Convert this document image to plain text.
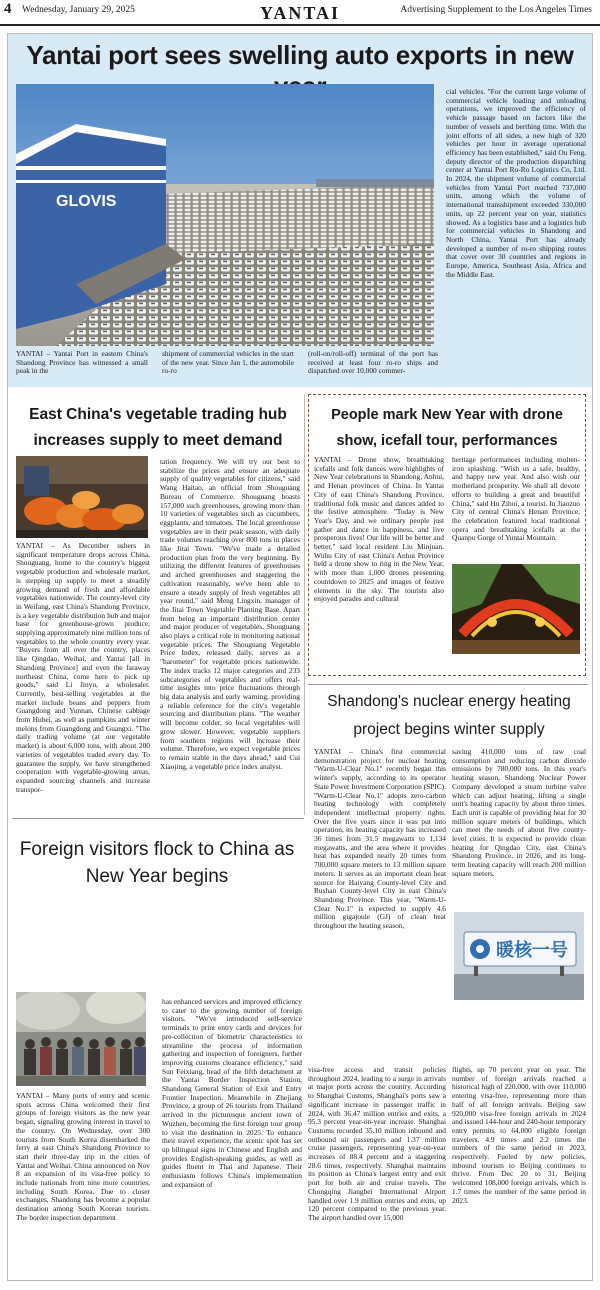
4 Wednesday, January 29, 2025	YANTAI	Advertising Supplement to the Los Angeles Times
Yantai port sees swelling auto exports in new
GLOVIS
YANTAI – Yantai Port in eastern China's Shandong Province has witnessed a small peak in the
shipment of commercial vehicles in the start of the new year. Since Jan 1, the automobile ro-ro
(roll-on/roll-off) terminal of the port has received at least four ro-ro ships and dispatched over 10,000 commer-
cial vehicles. "For the current large volume of commercial vehicle loading and unloading operations, we improved the efficiency of vehicle passage based on factors like the number of vessels and berthing time. With the joint efforts of all sides, a new high of 320 vehicles per hour in average operational efficiency has been established," said Ou Feng, deputy director of the production dispatching center at Yantai Port Ro-Ro Logistics Co, Ltd. In 2024, the shipment volume of commercial vehicles from Yantai Port reached 737,000 units, among which the volume of international transshipment exceeded 330,000 units, up 22 percent year on year, statistics showed. As a logistics base and a logistics hub for commercial vehicles in Shandong and North China, Yantai Port has already developed a number of ro-ro shipping routes that cover over 30 countries and regions in Europe, America, Southeast Asia, Africa and the Middle East.
East China's vegetable trading hub increases supply to meet demand
YANTAI – As December ushers in significant temperature drops across China, Shouguang, home to the country's biggest vegetable production and wholesale market, is stepping up supply to meet a steadily growing demand of fresh and affordable vegetables nationwide. The county-level city in Weifang, east China's Shandong Province, is a key vegetable distribution hub and major base for greenhouse-grown produce, supplying approximately nine million tons of vegetables to the whole country every year. "Buyers from all over the country, places like Qingdao, Weihai, and Yantai [all in Shandong Province] and even the faraway northeast China, come here to pick up goods," said Li Jinyu, a wholesaler. Currently, best-selling vegetables at the market include beans and peppers from Guangdong and Yunnan, Chinese cabbage from Hubei, as well as pumpkins and winter melons from Guangdong and Guangxi. "The daily trading volume (at our vegetable market) is about 6,000 tons, with about 200 varieties of vegetables traded every day. To guarantee the supply, we have strengthened cooperation with vegetable-growing areas, expanded sourcing channels and increase transpor-
tation frequency. We will try our best to stabilize the prices and ensure an adequate supply of quality vegetables for citizens," said Wang Haitao, an official from Shouguang Bureau of Commerce. Shouguang boasts 157,000 such greenhouses, growing more than 10 varieties of vegetables such as cucumbers, eggplants, and tomatoes. The local greenhouse vegetables are in their peak season, with daily trade volumes reaching over 800 tons in places like Jitai Town. "We've made a detailed production plan from the very beginning. By utilizing the different features of greenhouses and arched greenhouses and staggering the cultivation reasonably, we've been able to ensure a steady supply of fresh vegetables all year round," said Meng Lingxin, manager of the Jitai Town Vegetable Planting Base. Apart from being an important distribution center and major producer of vegetables, Shouguang also plays a critical role in monitoring national vegetable prices. The Shouguang Vegetable Price Index, released daily, serves as a "barometer" for vegetable prices nationwide. The index tracks 12 major categories and 233 subcategories of vegetables and offers real-time insights into price fluctuations through big data analysis and early warning, providing a reliable reference for the city's vegetable sourcing and distribution plans. "The weather will become colder, so local vegetables will grow slower. However, vegetable suppliers from southern regions will increase their volume. Therefore, we expect vegetable prices to remain stable in the days ahead," said Cui Xiaojing, a vegetable price index analyst.
People mark New Year with drone show, icefall tour, performances
YANTAI – Drone show, breathtaking icefalls and folk dances were highlights of New Year celebrations in Shandong, Anhui, and Henan provinces of China. In Yantai City of east China's Shandong Province, traditional folk music and dances added to the festive atmosphere. "Today is New Year's Day, and we ordinary people just gather and dance in happiness, and live prosperous lives! Our life will be better and better," said local resident Liu Minjuan. Wuhu City of east China's Anhui Province held a drone show to ring in the New Year, with more than 1,000 drones presenting countdown to 2025 and images of festive elements in the sky. The tourists also enjoyed parades and cultural
heritage performances including molten-iron splashing. "Wish us a safe, healthy, and happy new year. And also wish our motherland prosperity. We shall all devote efforts to building a great and beautiful China," said Hu Zihui, a tourist. In Jiaozuo City of central China's Henan Province, the celebration featured local traditional opera and breathtaking icefalls at the Quanpu Gorge of Yuntai Mountain.
Shandong's nuclear energy heating project begins winter supply
YANTAI – China's first commercial demonstration project for nuclear heating "Warm-U-Clear No.1" recently began this winter's supply, according to its operator State Power Investment Corporation (SPIC). "Warm-U-Clear No.1" adopts zero-carbon heating technology with completely independent intellectual property rights. Over the five years since it was put into operation, its heating capacity has increased 36 times from 31.5 megawatts to 1,134 megawatts, and the area where it provides heat has expanded nearly 20 times from 700,000 square meters to 13 million square meters. It serves as an important clean heat source for Haiyang County-level City and Rushan County-level City in east China's Shandong Province. This year, "Warm-U-Clear No.1" is expected to supply 4.6 million gigajoule (GJ) of clean heat throughout the heating season,
saving 410,000 tons of raw coal consumption and reducing carbon dioxide emissions by 780,000 tons. In this year's heating season, Shandong Nuclear Power Company developed a steam turbine valve which can adjust heating, lifting a single unit's heating capacity by about three times. Each unit is capable of providing heat for 30 million square meters of buildings, which can meet the needs of about five county-level cities. It is expected to provide clean heating for Qingdao City, east China's Shandong Province, in 2026, and its long-term heating capacity will reach 200 million square meters.
暖核一号
Foreign visitors flock to China as New Year begins
YANTAI – Many ports of entry and scenic spots across China welcomed their first groups of foreign visitors as the new year began, signaling growing interest in travel to the country. On Wednesday, over 300 tourists from South Korea disembarked the ferry at east China's Shandong Province to start their three-day trip in the cities of Yantai and Weihai. China announced on Nov 8 an expansion of its visa-free policy to include nationals from nine more countries, including South Korea. Due to closer exchanges, Shandong has become a popular destination among South Korean tourists. The border inspection department
has enhanced services and improved efficiency to cater to the growing number of foreign visitors. "We've introduced self-service terminals to print entry cards and devices for pre-collection of biometric characteristics to streamline the process of information gathering and inspection of foreigners, further improving customs clearance efficiency," said Sun Feixiang, head of the fifth detachment at the Yantai Border Inspection Station, Shandong General Station of Exit and Entry Frontier Inspection. Meanwhile in Zhejiang Province, a group of 26 tourists from Thailand arrived in the picturesque ancient town of Wuzhen, becoming the first foreign tour group to visit the destination in 2025. To enhance their travel experience, the scenic spot has set up bilingual signs in Chinese and English and provides English-speaking guides, as well as guides fluent in Thai and Japanese. Their enthusiasm follows China's implementation and expansion of
visa-free access and transit policies throughout 2024, leading to a surge in arrivals at major ports across the country. According to Shanghai Customs, Shanghai's ports saw a significant increase in passenger traffic in 2024, with 36.47 million entries and exits, a 95.3 percent year-on-year increase. Shanghai Customs recorded 35.10 million inbound and outbound air passengers and 1.37 million cruise passengers, representing year-on-year increases of 88.4 percent and a staggering 28.6 times, respectively. Shanghai maintains its position as China's largest entry and exit port for both air and cruise travels. The Chongqing Jiangbei International Airport handled over 1.9 million entries and exits, up 120 percent compared to the previous year. The airport handled over 15,000
flights, up 70 percent year on year. The number of foreign arrivals reached a historical high of 220,000, with over 110,000 entering visa-free, representing more than half of all foreign arrivals. Beijing saw 920,000 visa-free foreign arrivals in 2024 and issued 144-hour and 240-hour temporary entry permits to 64,000 eligible foreign travelers, 4.9 times and 2.2 times the numbers of the same period in 2023, respectively. Fueled by new policies, inbound tourism to Beijing continues to thrive. From Dec 20 to 31, Beijing welcomed 108,000 foreign arrivals, which is 1.7 times the number of the same period in 2023.
